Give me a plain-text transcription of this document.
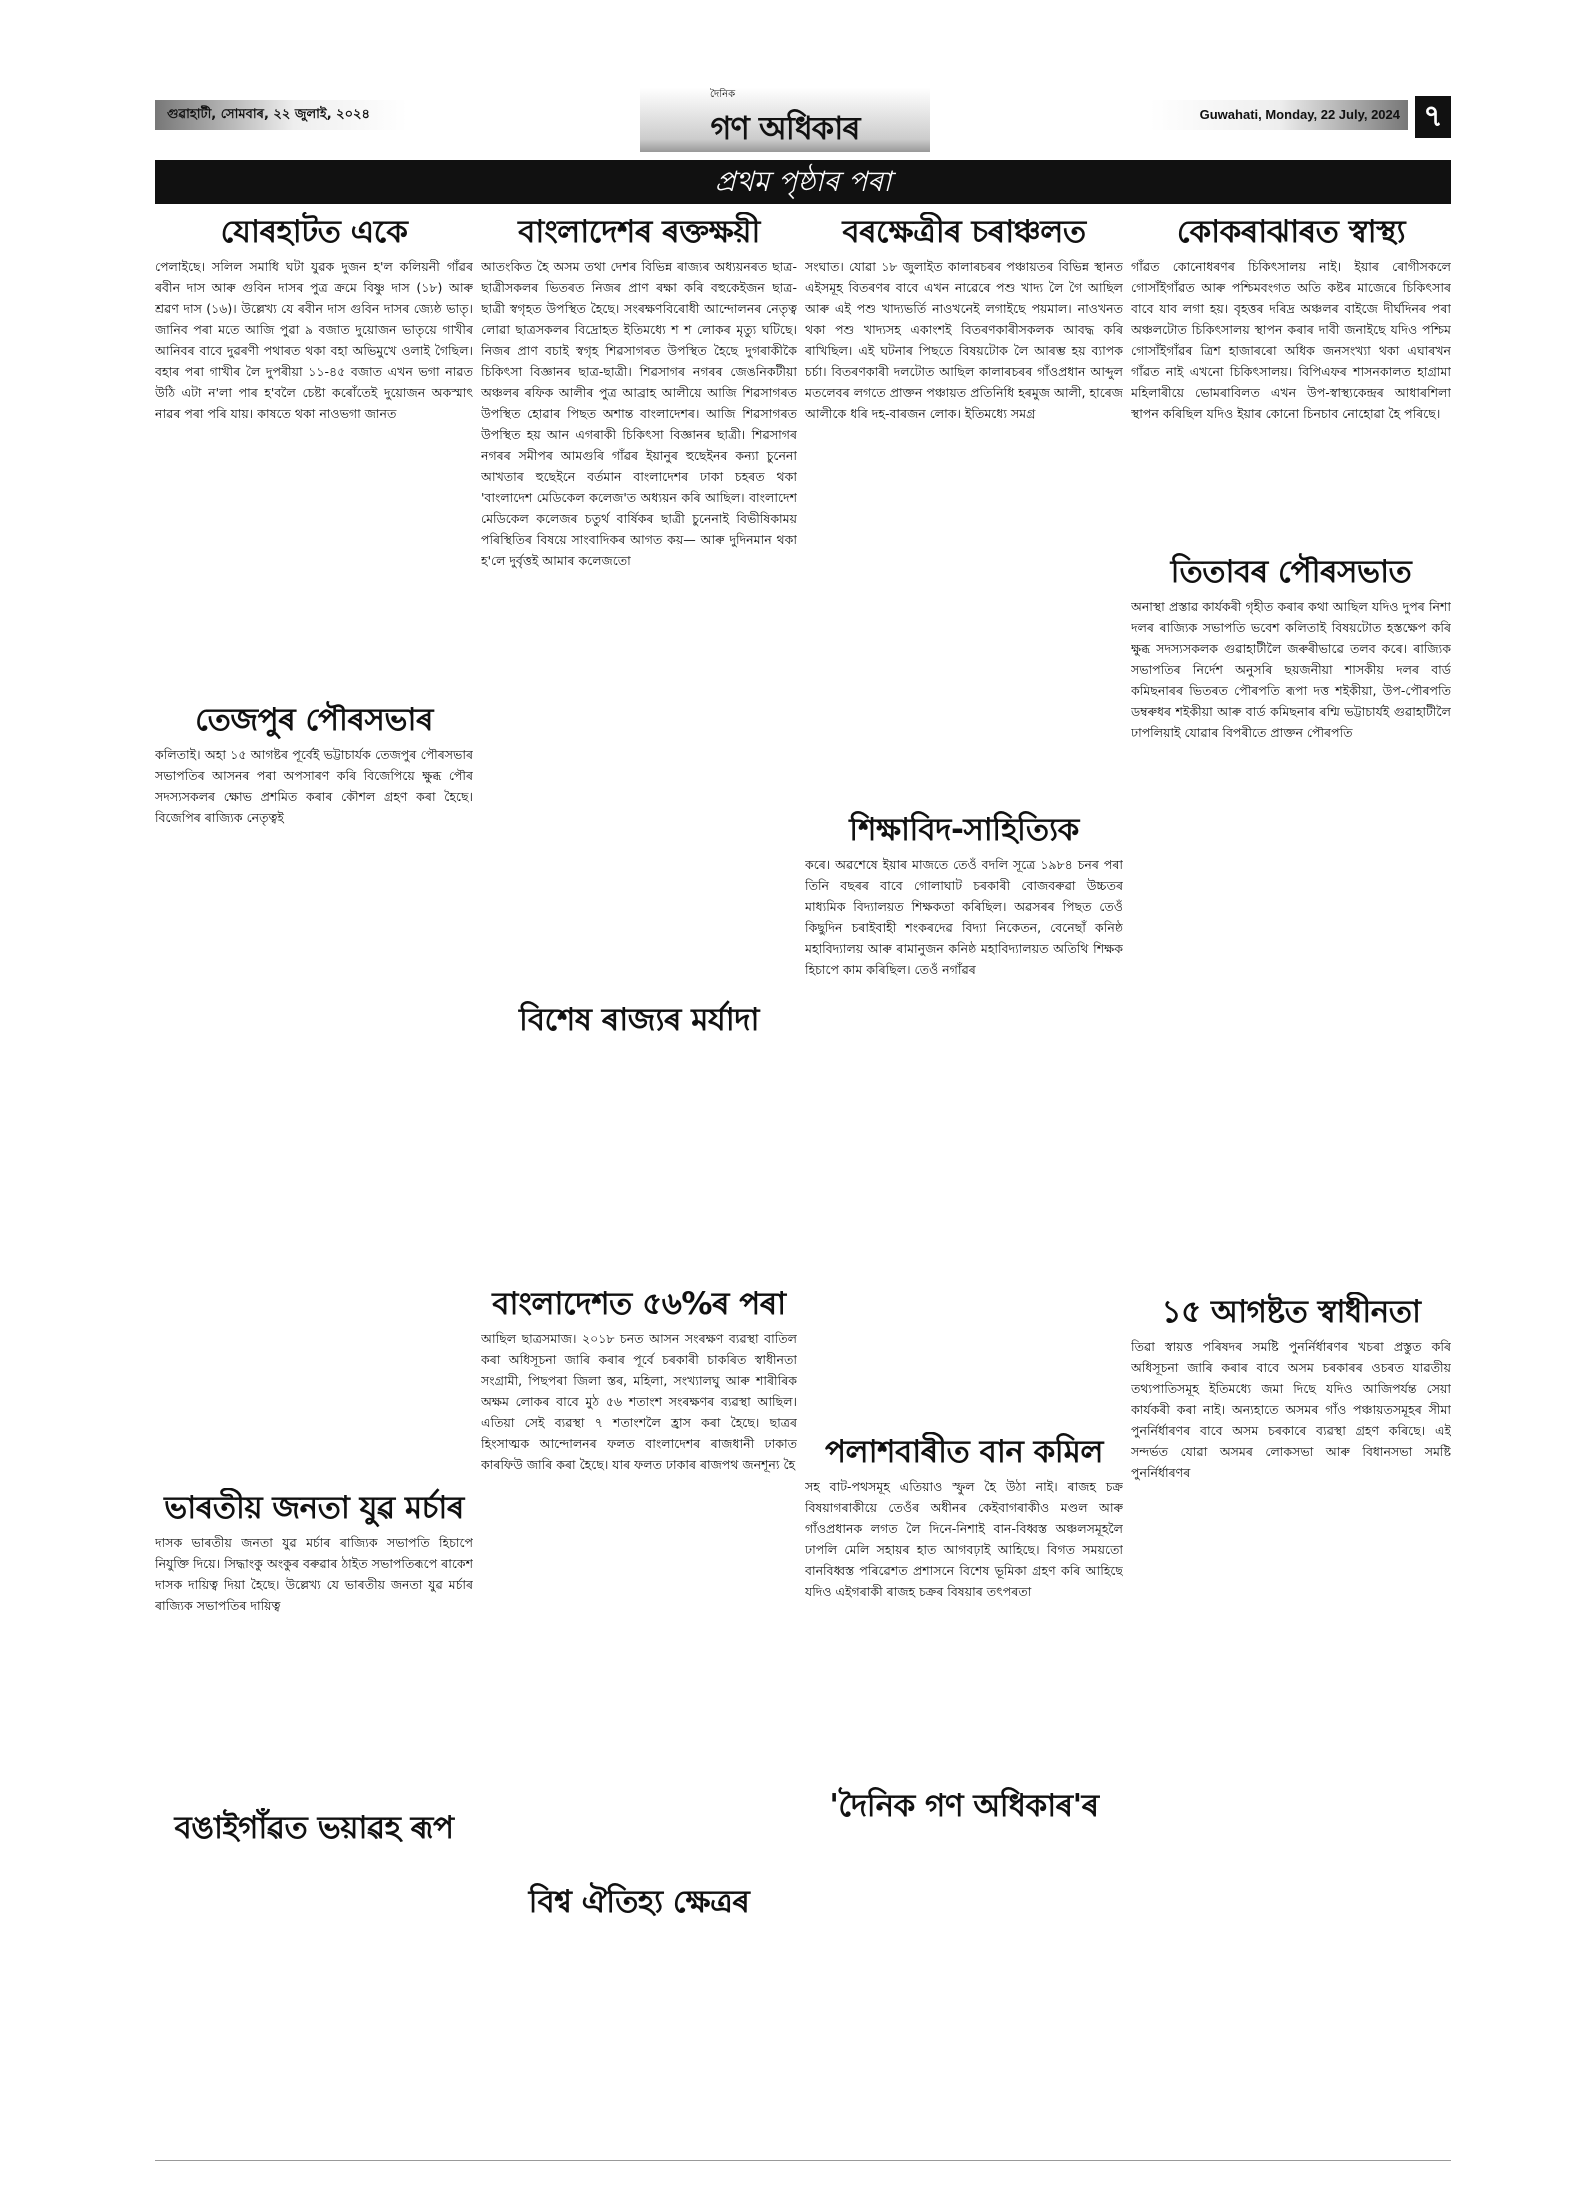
গুৱাহাটী, সোমবাৰ, ২২ জুলাই, ২০২৪
দৈনিক
গণ অধিকাৰ	Guwahati, Monday, 22 July, 2024 ৭
প্ৰথম পৃষ্ঠাৰ পৰা
যোৰহাটত একে

পেলাইছে। সলিল সমাধি ঘটা যুৱক দুজন হ'ল কলিয়নী গাঁৱৰ ৰবীন দাস আৰু গুবিন দাসৰ পুত্ৰ ক্ৰমে বিষ্ণু দাস (১৮) আৰু শ্ৰৱণ দাস (১৬)। উল্লেখ্য যে ৰবীন দাস গুবিন দাসৰ জ্যেষ্ঠ ভাতৃ। জানিব পৰা মতে আজি পুৱা ৯ বজাত দুয়োজন ভাতৃয়ে গাখীৰ আনিবৰ বাবে দুৱৰণী পথাৰত থকা বহা অভিমুখে ওলাই গৈছিল। বহাৰ পৰা গাখীৰ লৈ দুপৰীয়া ১১-৪৫ বজাত এখন ভগা নাৱত উঠি এটা ন'লা পাৰ হ'বলৈ চেষ্টা কৰোঁতেই দুয়োজন অকস্মাৎ নাৱৰ পৰা পৰি যায়। কাষতে থকা নাওভগা জানত

তেজপুৰ পৌৰসভাৰ

কলিতাই। অহা ১৫ আগষ্টৰ পূৰ্বেই ভট্টাচাৰ্যক তেজপুৰ পৌৰসভাৰ সভাপতিৰ আসনৰ পৰা অপসাৰণ কৰি বিজেপিয়ে ক্ষুব্ধ পৌৰ সদস্যসকলৰ ক্ষোভ প্ৰশমিত কৰাৰ কৌশল গ্ৰহণ কৰা হৈছে। বিজেপিৰ ৰাজ্যিক নেতৃত্বই

ভাৰতীয় জনতা যুৱ মৰ্চাৰ

দাসক ভাৰতীয় জনতা যুৱ মৰ্চাৰ ৰাজ্যিক সভাপতি হিচাপে নিযুক্তি দিয়ে। সিদ্ধাংকু অংকুৰ বৰুৱাৰ ঠাইত সভাপতিৰূপে ৰাকেশ দাসক দায়িত্ব দিয়া হৈছে। উল্লেখ্য যে ভাৰতীয় জনতা যুৱ মৰ্চাৰ ৰাজ্যিক সভাপতিৰ দায়িত্ব

বঙাইগাঁৱত ভয়াৱহ ৰূপ

বাংলাদেশৰ ৰক্তক্ষয়ী

আতংকিত হৈ অসম তথা দেশৰ বিভিন্ন ৰাজ্যৰ অধ্যয়নৰত ছাত্ৰ-ছাত্ৰীসকলৰ ভিতৰত নিজৰ প্ৰাণ ৰক্ষা কৰি বহুকেইজন ছাত্ৰ-ছাত্ৰী স্বগৃহত উপস্থিত হৈছে। সংৰক্ষণবিৰোধী আন্দোলনৰ নেতৃত্ব লোৱা ছাত্ৰসকলৰ বিদ্ৰোহত ইতিমধ্যে শ শ লোকৰ মৃত্যু ঘটিছে। নিজৰ প্ৰাণ বচাই স্বগৃহ শিৱসাগৰত উপস্থিত হৈছে দুগৰাকীকৈ চিকিৎসা বিজ্ঞানৰ ছাত্ৰ-ছাত্ৰী। শিৱসাগৰ নগৰৰ জেঙনিকটীয়া অঞ্চলৰ ৰফিক আলীৰ পুত্ৰ আব্ৰাহ আলীয়ে আজি শিৱসাগৰত উপস্থিত হোৱাৰ পিছত অশান্ত বাংলাদেশৰ। আজি শিৱসাগৰত উপস্থিত হয় আন এগৰাকী চিকিৎসা বিজ্ঞানৰ ছাত্ৰী। শিৱসাগৰ নগৰৰ সমীপৰ আমগুৰি গাঁৱৰ ইয়ানুৰ হুছেইনৰ কন্যা চুনেনা আখতাৰ হুছেইনে বৰ্তমান বাংলাদেশৰ ঢাকা চহৰত থকা 'বাংলাদেশ মেডিকেল কলেজ'ত অধ্যয়ন কৰি আছিল। বাংলাদেশ মেডিকেল কলেজৰ চতুৰ্থ বাৰ্ষিকৰ ছাত্ৰী চুনেনাই বিভীষিকাময় পৰিস্থিতিৰ বিষয়ে সাংবাদিকৰ আগত কয়— আৰু দুদিনমান থকা হ'লে দুৰ্বৃত্তই আমাৰ কলেজতো

বিশেষ ৰাজ্যৰ মৰ্যাদা

বাংলাদেশত ৫৬%ৰ পৰা

আছিল ছাত্ৰসমাজ। ২০১৮ চনত আসন সংৰক্ষণ ব্যৱস্থা বাতিল কৰা অধিসূচনা জাৰি কৰাৰ পূৰ্বে চৰকাৰী চাকৰিত স্বাধীনতা সংগ্ৰামী, পিছপৰা জিলা স্তৰ, মহিলা, সংখ্যালঘু আৰু শাৰীৰিক অক্ষম লোকৰ বাবে মুঠ ৫৬ শতাংশ সংৰক্ষণৰ ব্যৱস্থা আছিল। এতিয়া সেই ব্যৱস্থা ৭ শতাংশলৈ হ্ৰাস কৰা হৈছে। ছাত্ৰৰ হিংসাত্মক আন্দোলনৰ ফলত বাংলাদেশৰ ৰাজধানী ঢাকাত কাৰফিউ জাৰি কৰা হৈছে। যাৰ ফলত ঢাকাৰ ৰাজপথ জনশূন্য হৈ

বিশ্ব ঐতিহ্য ক্ষেত্ৰৰ

বৰক্ষেত্ৰীৰ চৰাঞ্চলত

সংঘাত। যোৱা ১৮ জুলাইত কালাৰচৰৰ পঞ্চায়তৰ বিভিন্ন স্থানত এইসমূহ বিতৰণৰ বাবে এখন নাৱেৰে পশু খাদ্য লৈ গৈ আছিল আৰু এই পশু খাদ্যভৰ্তি নাওখনেই লগাইছে পয়মাল। নাওখনত থকা পশু খাদ্যসহ একাংশই বিতৰণকাৰীসকলক আবদ্ধ কৰি ৰাখিছিল। এই ঘটনাৰ পিছতে বিষয়টোক লৈ আৰম্ভ হয় ব্যাপক চৰ্চা। বিতৰণকাৰী দলটোত আছিল কালাৰচৰৰ গাঁওপ্ৰধান আব্দুল মতলেবৰ লগতে প্ৰাক্তন পঞ্চায়ত প্ৰতিনিধি হৰমুজ আলী, হাৰেজ আলীকে ধৰি দহ-বাৰজন লোক। ইতিমধ্যে সমগ্ৰ

শিক্ষাবিদ-সাহিত্যিক

কৰে। অৱশেষে ইয়াৰ মাজতে তেওঁ বদলি সূত্ৰে ১৯৮৪ চনৰ পৰা তিনি বছৰৰ বাবে গোলাঘাট চৰকাৰী বোজবৰুৱা উচ্চতৰ মাধ্যমিক বিদ্যালয়ত শিক্ষকতা কৰিছিল। অৱসৰৰ পিছত তেওঁ কিছুদিন চৰাইবাহী শংকৰদেৱ বিদ্যা নিকেতন, বেনেছাঁ কনিষ্ঠ মহাবিদ্যালয় আৰু ৰামানুজন কনিষ্ঠ মহাবিদ্যালয়ত অতিথি শিক্ষক হিচাপে কাম কৰিছিল। তেওঁ নগাঁৱৰ

পলাশবাৰীত বান কমিল

সহ বাট-পথসমূহ এতিয়াও স্ফুল হৈ উঠা নাই। ৰাজহ চক্ৰ বিষয়াগৰাকীয়ে তেওঁৰ অধীনৰ কেইবাগৰাকীও মণ্ডল আৰু গাঁওপ্ৰধানক লগত লৈ দিনে-নিশাই বান-বিধ্বস্ত অঞ্চলসমূহলৈ ঢাপলি মেলি সহায়ৰ হাত আগবঢ়াই আহিছে। বিগত সময়তো বানবিধ্বস্ত পৰিৱেশত প্ৰশাসনে বিশেষ ভূমিকা গ্ৰহণ কৰি আহিছে যদিও এইগৰাকী ৰাজহ চক্ৰৰ বিষয়াৰ তৎপৰতা

'দৈনিক গণ অধিকাৰ'ৰ

কোকৰাঝাৰত স্বাস্থ্য

গাঁৱত কোনোধৰণৰ চিকিৎসালয় নাই। ইয়াৰ ৰোগীসকলে গোসাঁইগাঁৱত আৰু পশ্চিমবংগত অতি কষ্টৰ মাজেৰে চিকিৎসাৰ বাবে যাব লগা হয়। বৃহত্তৰ দৰিদ্ৰ অঞ্চলৰ বাইজে দীৰ্ঘদিনৰ পৰা অঞ্চলটোত চিকিৎসালয় স্থাপন কৰাৰ দাবী জনাইছে যদিও পশ্চিম গোসাঁইগাঁৱৰ ত্ৰিশ হাজাৰৰো অধিক জনসংখ্যা থকা এঘাৰখন গাঁৱত নাই এখনো চিকিৎসালয়। বিপিএফৰ শাসনকালত হাগ্ৰামা মহিলাৰীয়ে ভোমৰাবিলত এখন উপ-স্বাস্থ্যকেন্দ্ৰৰ আধাৰশিলা স্থাপন কৰিছিল যদিও ইয়াৰ কোনো চিনচাব নোহোৱা হৈ পৰিছে।

তিতাবৰ পৌৰসভাত

অনাস্থা প্ৰস্তাৱ কাৰ্যকৰী গৃহীত কৰাৰ কথা আছিল যদিও দুপৰ নিশা দলৰ ৰাজ্যিক সভাপতি ভবেশ কলিতাই বিষয়টোত হস্তক্ষেপ কৰি ক্ষুব্ধ সদস্যসকলক গুৱাহাটীলৈ জৰুৰীভাৱে তলব কৰে। ৰাজ্যিক সভাপতিৰ নিৰ্দেশ অনুসৰি ছয়জনীয়া শাসকীয় দলৰ বাৰ্ড কমিছনাৰৰ ভিতৰত পৌৰপতি ৰূপা দত্ত শইকীয়া, উপ-পৌৰপতি ডম্বৰুধৰ শইকীয়া আৰু বাৰ্ড কমিছনাৰ ৰশ্মি ভট্টাচাৰ্যই গুৱাহাটীলৈ ঢাপলিয়াই যোৱাৰ বিপৰীতে প্ৰাক্তন পৌৰপতি

১৫ আগষ্টত স্বাধীনতা

তিৱা স্বায়ত্ত পৰিষদৰ সমষ্টি পুনৰ্নিৰ্ধাৰণৰ খচৰা প্ৰস্তুত কৰি অধিসূচনা জাৰি কৰাৰ বাবে অসম চৰকাৰৰ ওচৰত যাৱতীয় তথ্যপাতিসমূহ ইতিমধ্যে জমা দিছে যদিও আজিপৰ্যন্ত সেয়া কাৰ্যকৰী কৰা নাই। অন্যহাতে অসমৰ গাঁও পঞ্চায়তসমূহৰ সীমা পুনৰ্নিৰ্ধাৰণৰ বাবে অসম চৰকাৰে ব্যৱস্থা গ্ৰহণ কৰিছে। এই সন্দৰ্ভত যোৱা অসমৰ লোকসভা আৰু বিধানসভা সমষ্টি পুনৰ্নিৰ্ধাৰণৰ
